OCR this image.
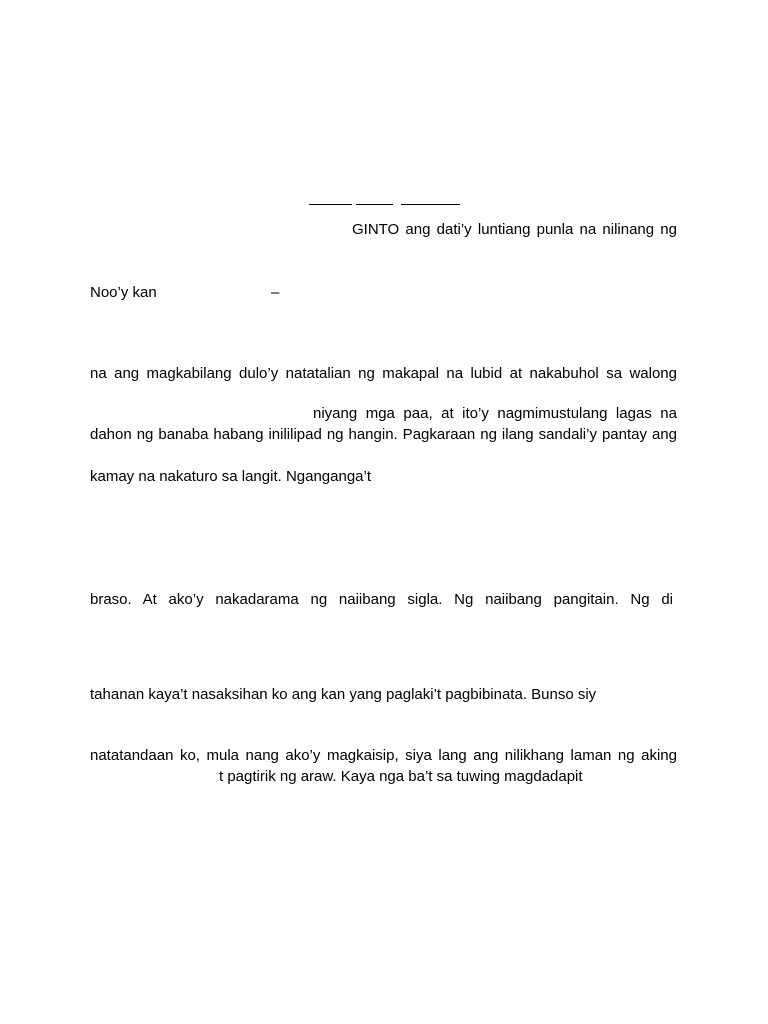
GINTO ang dati’y luntiang punla na nilinang ng
Noo’y kan	–
na ang magkabilang dulo’y natatalian ng makapal na lubid at nakabuhol sa walong
niyang mga paa, at ito’y nagmimustulang lagas na
dahon ng banaba habang inililipad ng hangin. Pagkaraan ng ilang sandali’y pantay ang
kamay na nakaturo sa langit. Nganganga’t
braso. At ako’y nakadarama ng naiibang sigla. Ng naiibang pangitain. Ng di
tahanan kaya’t nasaksihan ko ang kan yang paglaki’t pagbibinata. Bunso siy
natatandaan ko, mula nang ako’y magkaisip, siya lang ang nilikhang laman ng aking
t pagtirik ng araw. Kaya nga ba’t sa tuwing magdadapit
